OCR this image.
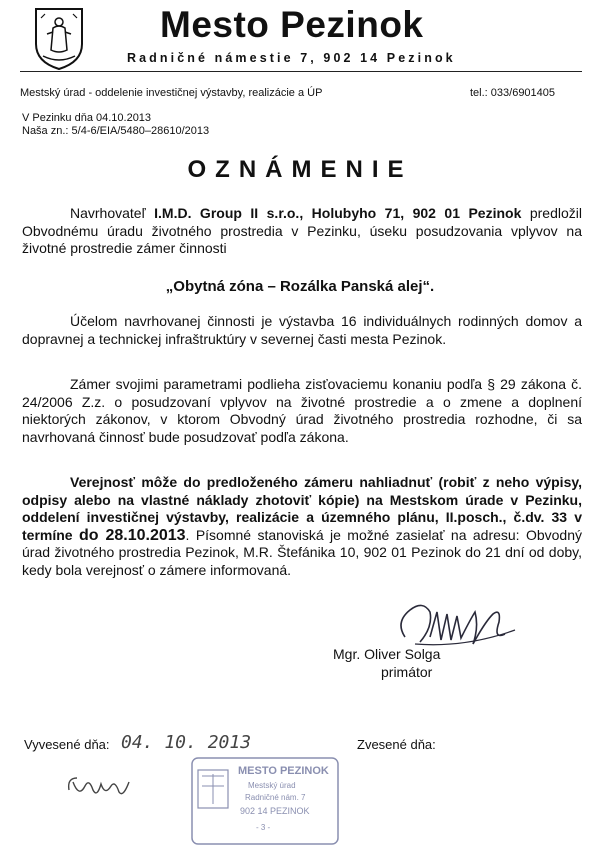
Mesto Pezinok
Radničné námestie 7, 902 14 Pezinok
Mestský úrad - oddelenie investičnej výstavby, realizácie a ÚP	tel.: 033/6901405
V Pezinku dňa 04.10.2013
Naša zn.: 5/4-6/EIA/5480–28610/2013
OZNÁMENIE
Navrhovateľ I.M.D. Group II s.r.o., Holubyho 71, 902 01 Pezinok predložil Obvodnému úradu životného prostredia v Pezinku, úseku posudzovania vplyvov na životné prostredie zámer činnosti
„Obytná zóna – Rozálka Panská alej“.
Účelom navrhovanej činnosti je výstavba 16 individuálnych rodinných domov a dopravnej a technickej infraštruktúry v severnej časti mesta Pezinok.
Zámer svojimi parametrami podlieha zisťovaciemu konaniu podľa § 29 zákona č. 24/2006 Z.z. o posudzovaní vplyvov na životné prostredie a o zmene a doplnení niektorých zákonov, v ktorom Obvodný úrad životného prostredia rozhodne, či sa navrhovaná činnosť bude posudzovať podľa zákona.
Verejnosť môže do predloženého zámeru nahliadnuť (robiť z neho výpisy, odpisy alebo na vlastné náklady zhotoviť kópie) na Mestskom úrade v Pezinku, oddelení investičnej výstavby, realizácie a územného plánu, II.posch., č.dv. 33 v termíne do 28.10.2013. Písomné stanoviská je možné zasielať na adresu: Obvodný úrad životného prostredia Pezinok, M.R. Štefánika 10, 902 01 Pezinok do 21 dní od doby, kedy bola verejnosť o zámere informovaná.
Mgr. Oliver Solga
primátor
Vyvesené dňa: 04. 10. 2013	Zvesené dňa:
MESTO PEZINOK
Mestský úrad
Radničné nám. 7
902 14 PEZINOK
- 3 -
